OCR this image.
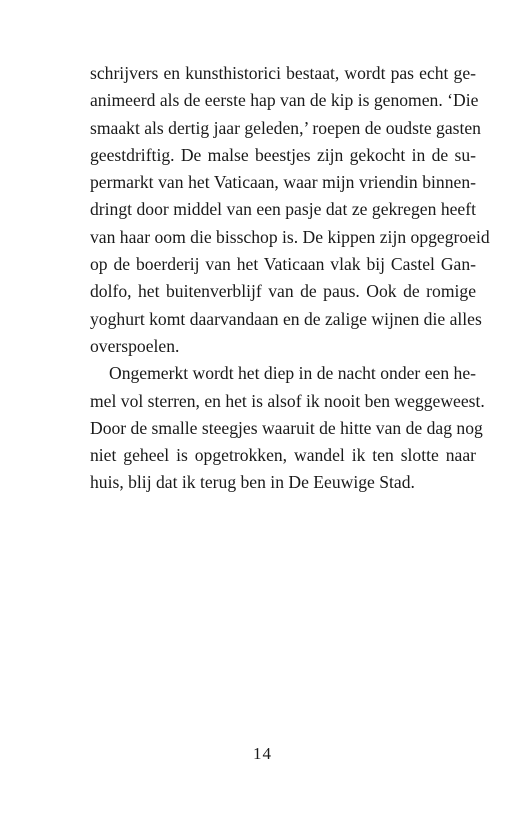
schrijvers en kunsthistorici bestaat, wordt pas echt ge-
animeerd als de eerste hap van de kip is genomen. ‘Die
smaakt als dertig jaar geleden,’ roepen de oudste gasten
geestdriftig. De malse beestjes zijn gekocht in de su-
permarkt van het Vaticaan, waar mijn vriendin binnen-
dringt door middel van een pasje dat ze gekregen heeft
van haar oom die bisschop is. De kippen zijn opgegroeid
op de boerderij van het Vaticaan vlak bij Castel Gan-
dolfo, het buitenverblijf van de paus. Ook de romige
yoghurt komt daarvandaan en de zalige wijnen die alles
overspoelen.
Ongemerkt wordt het diep in de nacht onder een he-
mel vol sterren, en het is alsof ik nooit ben weggeweest.
Door de smalle steegjes waaruit de hitte van de dag nog
niet geheel is opgetrokken, wandel ik ten slotte naar
huis, blij dat ik terug ben in De Eeuwige Stad.
14
